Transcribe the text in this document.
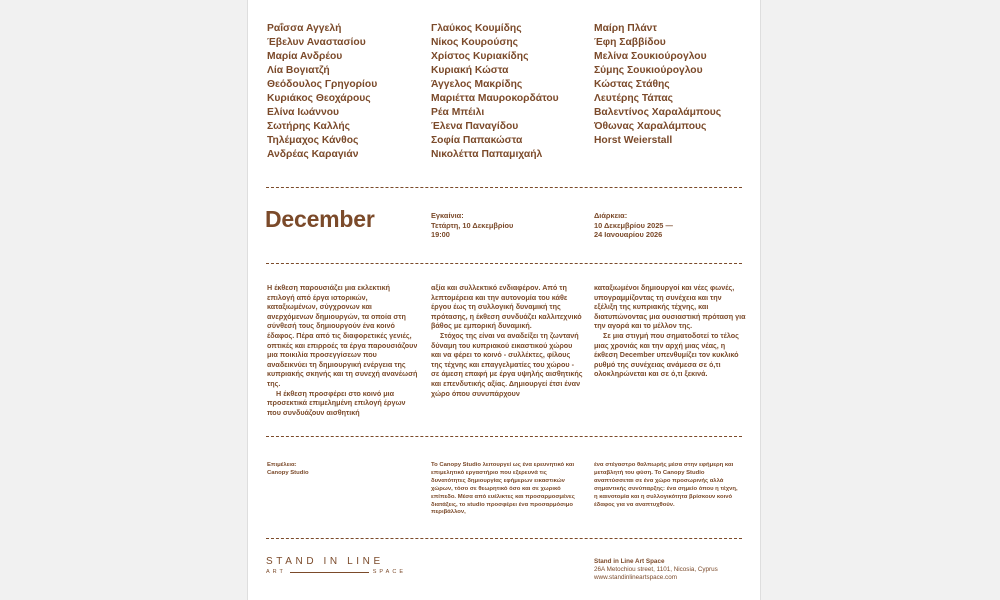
Ραΐσσα Αγγελή
Έβελυν Αναστασίου
Μαρία Ανδρέου
Λία Βογιατζή
Θεόδουλος Γρηγορίου
Κυριάκος Θεοχάρους
Ελίνα Ιωάννου
Σωτήρης Καλλής
Τηλέμαχος Κάνθος
Ανδρέας Καραγιάν
Γλαύκος Κουμίδης
Νίκος Κουρούσης
Χρίστος Κυριακίδης
Κυριακή Κώστα
Άγγελος Μακρίδης
Μαριέττα Μαυροκορδάτου
Ρέα Μπέιλι
Έλενα Παναγίδου
Σοφία Παπακώστα
Νικολέττα Παπαμιχαήλ
Μαίρη Πλάντ
Έφη Σαββίδου
Μελίνα Σουκιούρογλου
Σύμης Σουκιούρογλου
Κώστας Στάθης
Λευτέρης Τάπας
Βαλεντίνος Χαραλάμπους
Όθωνας Χαραλάμπους
Horst Weierstall
December	Εγκαίνια:
Τετάρτη, 10 Δεκεμβρίου
19:00
Διάρκεια:
10 Δεκεμβρίου 2025 —
24 Ιανουαρίου 2026

Η έκθεση παρουσιάζει μια εκλεκτική επιλογή από έργα ιστορικών, καταξιωμένων, σύγχρονων και ανερχόμενων δημιουργών, τα οποία στη σύνθεσή τους δημιουργούν ένα κοινό έδαφος. Πέρα από τις διαφορετικές γενιές, οπτικές και επιρροές τα έργα παρουσιάζουν μια ποικιλία προσεγγίσεων που αναδεικνύει τη δημιουργική ενέργεια της κυπριακής σκηνής και τη συνεχή ανανέωσή της.

Η έκθεση προσφέρει στο κοινό μια προσεκτικά επιμελημένη επιλογή έργων που συνδυάζουν αισθητική

αξία και συλλεκτικό ενδιαφέρον. Από τη λεπτομέρεια και την αυτονομία του κάθε έργου έως τη συλλογική δυναμική της πρότασης, η έκθεση συνδυάζει καλλιτεχνικό βάθος με εμπορική δυναμική.

Στόχος της είναι να αναδείξει τη ζωντανή δύναμη του κυπριακού εικαστικού χώρου και να φέρει το κοινό - συλλέκτες, φίλους της τέχνης και επαγγελματίες του χώρου - σε άμεση επαφή με έργα υψηλής αισθητικής και επενδυτικής αξίας. Δημιουργεί έτσι έναν χώρο όπου συνυπάρχουν

καταξιωμένοι δημιουργοί και νέες φωνές, υπογραμμίζοντας τη συνέχεια και την εξέλιξη της κυπριακής τέχνης, και διατυπώνοντας μια ουσιαστική πρόταση για την αγορά και το μέλλον της.

Σε μια στιγμή που σηματοδοτεί το τέλος μιας χρονιάς και την αρχή μιας νέας, η έκθεση December υπενθυμίζει τον κυκλικό ρυθμό της συνέχειας ανάμεσα σε ό,τι ολοκληρώνεται και σε ό,τι ξεκινά.

Επιμέλεια:
Canopy Studio

Το Canopy Studio λειτουργεί ως ένα ερευνητικό και επιμελητικό εργαστήριο που εξερευνά τις δυνατότητες δημιουργίας εφήμερων εικαστικών χώρων, τόσο σε θεωρητικό όσο και σε χωρικό επίπεδο. Μέσα από ευέλικτες και προσαρμοσμένες διατάξεις, το studio προσφέρει ένα προσαρμόσιμο περιβάλλον,

ένα στέγαστρο θαλπωρής μέσα στην εφήμερη και μεταβλητή του φύση. Το Canopy Studio αναπτύσσεται σε ένα χώρο προσωρινής αλλά σημαντικής συνύπαρξης: ένα σημείο όπου η τέχνη, η καινοτομία και η συλλογικότητα βρίσκουν κοινό έδαφος για να αναπτυχθούν.

STAND IN LINE
ART	SPACE
Stand in Line Art Space
26A Metochiou street, 1101, Nicosia, Cyprus
www.standinlineartspace.com
